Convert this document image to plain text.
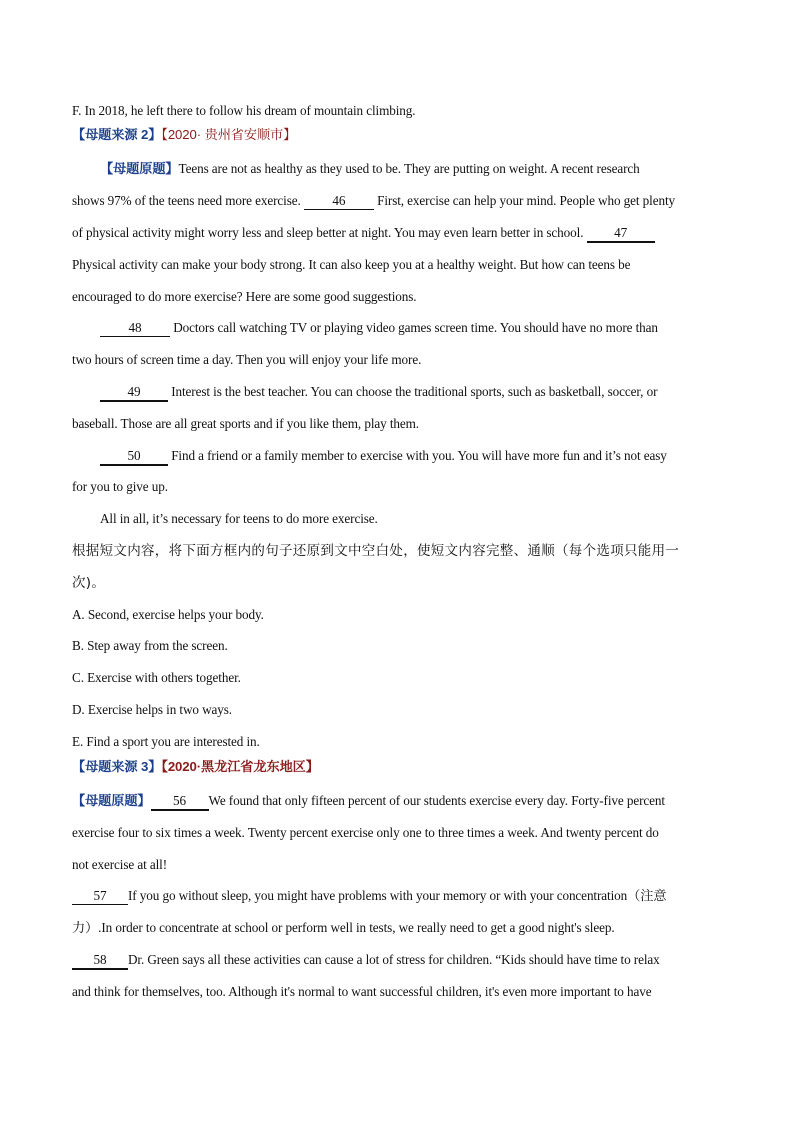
F. In 2018, he left there to follow his dream of mountain climbing.
【母题来源 2】【2020· 贵州省安顺市】
【母题原题】Teens are not as healthy as they used to be. They are putting on weight. A recent research
shows 97% of the teens need more exercise. 46 First, exercise can help your mind. People who get plenty
of physical activity might worry less and sleep better at night. You may even learn better in school. 47
Physical activity can make your body strong. It can also keep you at a healthy weight. But how can teens be
encouraged to do more exercise? Here are some good suggestions.
48 Doctors call watching TV or playing video games screen time. You should have no more than
two hours of screen time a day. Then you will enjoy your life more.
49 Interest is the best teacher. You can choose the traditional sports, such as basketball, soccer, or
baseball. Those are all great sports and if you like them, play them.
50 Find a friend or a family member to exercise with you. You will have more fun and it’s not easy
for you to give up.
All in all, it’s necessary for teens to do more exercise.
根据短文内容，将下面方框内的句子还原到文中空白处，使短文内容完整、通顺（每个选项只能用一
次)。
A. Second, exercise helps your body.
B. Step away from the screen.
C. Exercise with others together.
D. Exercise helps in two ways.
E. Find a sport you are interested in.
【母题来源 3】【2020·黑龙江省龙东地区】
【母题原题】 56 We found that only fifteen percent of our students exercise every day. Forty-five percent
exercise four to six times a week. Twenty percent exercise only one to three times a week. And twenty percent do
not exercise at all!
57 If you go without sleep, you might have problems with your memory or with your concentration（注意
力）.In order to concentrate at school or perform well in tests, we really need to get a good night's sleep.
58 Dr. Green says all these activities can cause a lot of stress for children. “Kids should have time to relax
and think for themselves, too. Although it's normal to want successful children, it's even more important to have
